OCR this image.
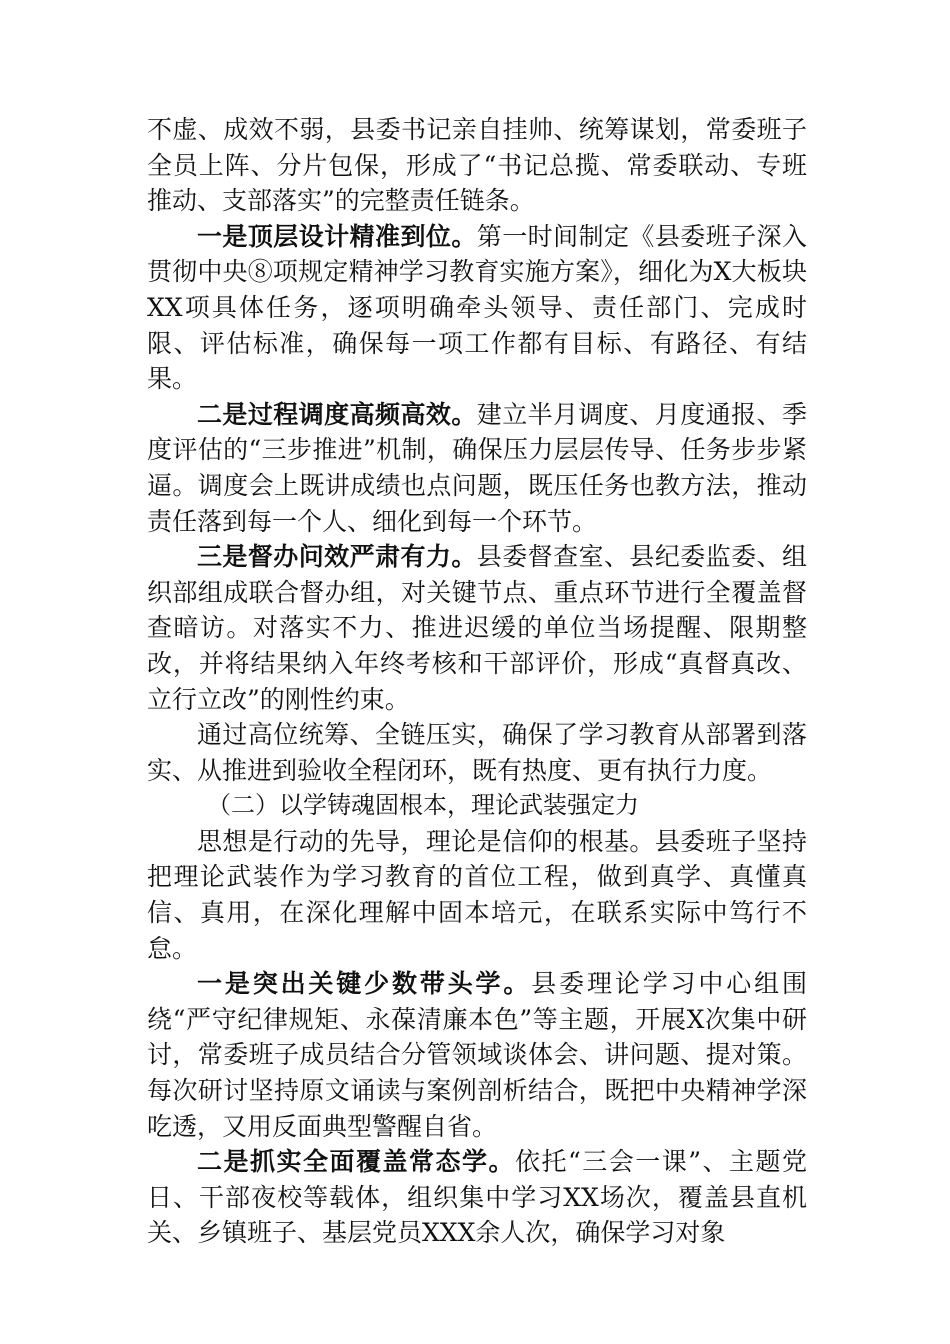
不虚、成效不弱，县委书记亲自挂帅、统筹谋划，常委班子全员上阵、分片包保，形成了“书记总揽、常委联动、专班推动、支部落实”的完整责任链条。

一是顶层设计精准到位。第一时间制定《县委班子深入贯彻中央⑧项规定精神学习教育实施方案》，细化为X大板块XX项具体任务，逐项明确牵头领导、责任部门、完成时限、评估标准，确保每一项工作都有目标、有路径、有结果。

二是过程调度高频高效。建立半月调度、月度通报、季度评估的“三步推进”机制，确保压力层层传导、任务步步紧逼。调度会上既讲成绩也点问题，既压任务也教方法，推动责任落到每一个人、细化到每一个环节。

三是督办问效严肃有力。县委督查室、县纪委监委、组织部组成联合督办组，对关键节点、重点环节进行全覆盖督查暗访。对落实不力、推进迟缓的单位当场提醒、限期整改，并将结果纳入年终考核和干部评价，形成“真督真改、立行立改”的刚性约束。

通过高位统筹、全链压实，确保了学习教育从部署到落实、从推进到验收全程闭环，既有热度、更有执行力度。

（二）以学铸魂固根本，理论武装强定力

思想是行动的先导，理论是信仰的根基。县委班子坚持把理论武装作为学习教育的首位工程，做到真学、真懂真信、真用，在深化理解中固本培元，在联系实际中笃行不怠。

一是突出关键少数带头学。县委理论学习中心组围绕“严守纪律规矩、永葆清廉本色”等主题，开展X次集中研讨，常委班子成员结合分管领域谈体会、讲问题、提对策。每次研讨坚持原文诵读与案例剖析结合，既把中央精神学深吃透，又用反面典型警醒自省。

二是抓实全面覆盖常态学。依托“三会一课”、主题党日、干部夜校等载体，组织集中学习XX场次，覆盖县直机关、乡镇班子、基层党员XXX余人次，确保学习对象
